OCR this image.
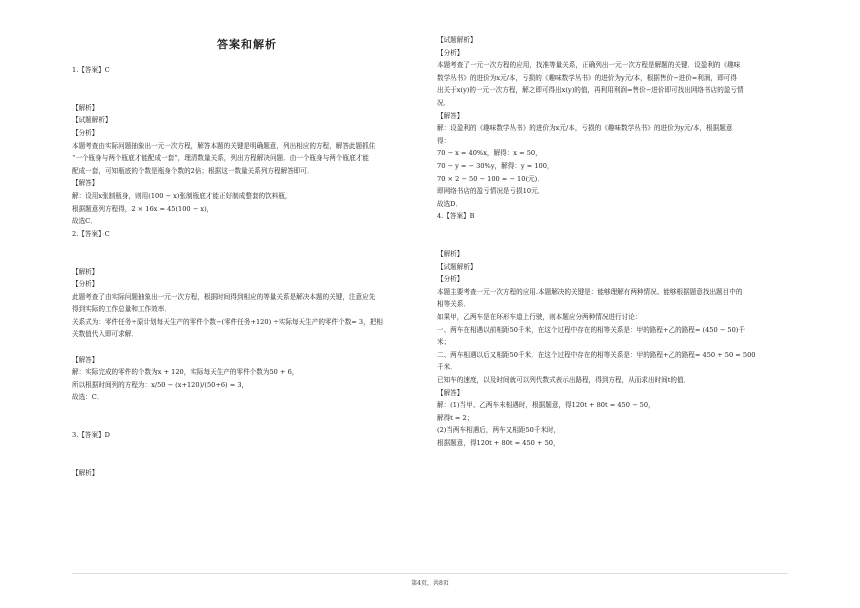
答案和解析
1.【答案】C

【解析】
【试题解析】
【分析】
本题考查由实际问题抽象出一元一次方程，解答本题的关键是明确题意，列出相应的方程，解答此题抓住
“一个瓶身与两个瓶底才能配成一套”，理清数量关系，列出方程解决问题．由一个瓶身与两个瓶底才能
配成一套，可知瓶底的个数是瓶身个数的2倍；根据这一数量关系列方程解答即可．
【解答】
解：设用x张制瓶身，则用(100 − x)张制瓶底才能正好制成整套的饮料瓶，
根据题意列方程得，2 × 16x = 45(100 − x)，
故选C．
2.【答案】C

【解析】
【分析】
此题考查了由实际问题抽象出一元一次方程，根据时间得到相应的等量关系是解决本题的关键，注意应先
得到实际的工作总量和工作效率．
关系式为：零件任务÷原计划每天生产的零件个数−(零件任务+120) ÷实际每天生产的零件个数= 3，把相
关数值代入即可求解．

【解答】
解：实际完成的零件的个数为x + 120，实际每天生产的零件个数为50 + 6，
所以根据时间列的方程为：x/50 − (x+120)/(50+6) = 3，
故选：C．

3.【答案】D

【解析】
【试题解析】
【分析】
本题考查了一元一次方程的应用，找准等量关系，正确列出一元一次方程是解题的关键．设盈利的《趣味
数学丛书》的进价为x元/本，亏损的《趣味数学丛书》的进价为y元/本，根据售价−进价=利润，即可得
出关于x(y)的一元一次方程，解之即可得出x(y)的值，再利用利润=售价−进价即可找出网络书店的盈亏情
况．
【解答】
解：设盈利的《趣味数学丛书》的进价为x元/本，亏损的《趣味数学丛书》的进价为y元/本，根据题意
得：
70 − x = 40%x，解得：x = 50，
70 − y = − 30%y，解得：y = 100，
70 × 2 − 50 − 100 = − 10(元)．
即网络书店的盈亏情况是亏损10元．
故选D．
4.【答案】B

【解析】
【试题解析】
【分析】
本题主要考查一元一次方程的应用.本题解决的关键是：能够理解有两种情况、能够根据题意找出题目中的
相等关系．
如果甲，乙两车是在环形车道上行驶，则本题应分两种情况进行讨论：
一、两车在相遇以前相距50千米，在这个过程中存在的相等关系是：甲的路程+乙的路程= (450 − 50)千
米；
二、两车相遇以后又相距50千米．在这个过程中存在的相等关系是：甲的路程+乙的路程= 450 + 50 = 500
千米．
已知车的速度，以及时间就可以列代数式表示出路程，得到方程，从而求出时间t的值．
【解答】
解：(1)当甲、乙两车未相遇时，根据题意，得120t + 80t = 450 − 50，
解得t = 2；
(2)当两车相遇后，两车又相距50千米时，
根据题意，得120t + 80t = 450 + 50，
第4页，共8页
